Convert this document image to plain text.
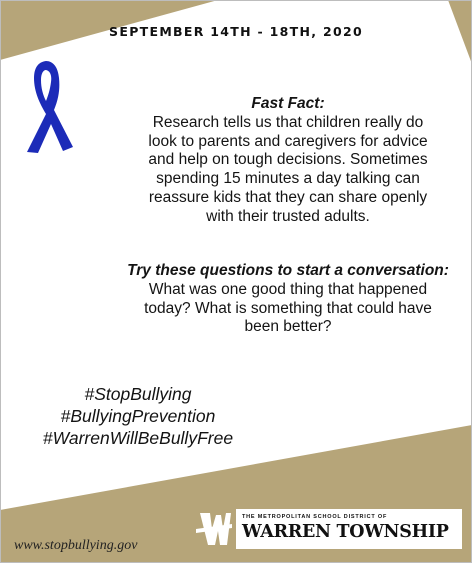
SEPTEMBER 14TH - 18TH, 2020
Fast Fact:
Research tells us that children really do
look to parents and caregivers for advice
and help on tough decisions. Sometimes
spending 15 minutes a day talking can
reassure kids that they can share openly
with their trusted adults.
Try these questions to start a conversation:
What was one good thing that happened
today? What is something that could have
been better?
#StopBullying
#BullyingPrevention
#WarrenWillBeBullyFree
www.stopbullying.gov
THE METROPOLITAN SCHOOL DISTRICT OF
WARREN TOWNSHIP
